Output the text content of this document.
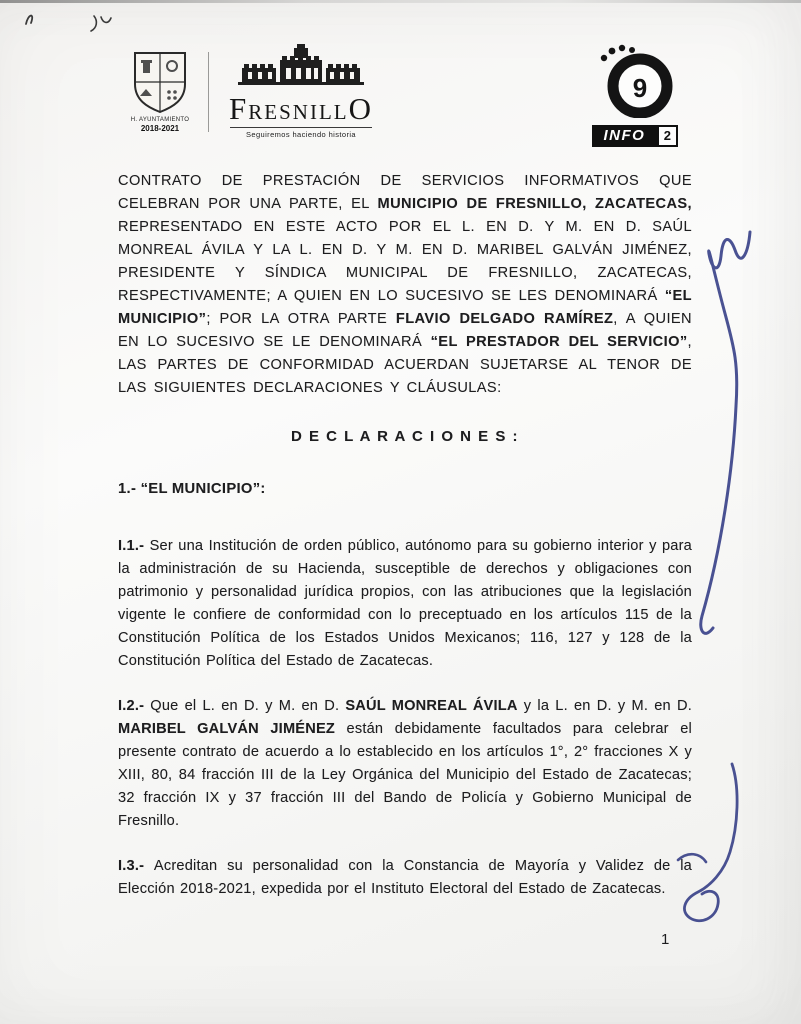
H. AYUNTAMIENTO
2018-2021
FRESNILLO
Seguiremos haciendo historia
9
INFO	2

CONTRATO DE PRESTACIÓN DE SERVICIOS INFORMATIVOS QUE CELEBRAN POR UNA PARTE, EL MUNICIPIO DE FRESNILLO, ZACATECAS, REPRESENTADO EN ESTE ACTO POR EL L. EN D. Y M. EN D. SAÚL MONREAL ÁVILA Y LA L. EN D. Y M. EN D. MARIBEL GALVÁN JIMÉNEZ, PRESIDENTE Y SÍNDICA MUNICIPAL DE FRESNILLO, ZACATECAS, RESPECTIVAMENTE; A QUIEN EN LO SUCESIVO SE LES DENOMINARÁ “EL MUNICIPIO”; POR LA OTRA PARTE FLAVIO DELGADO RAMÍREZ, A QUIEN EN LO SUCESIVO SE LE DENOMINARÁ “EL PRESTADOR DEL SERVICIO”, LAS PARTES DE CONFORMIDAD ACUERDAN SUJETARSE AL TENOR DE LAS SIGUIENTES DECLARACIONES Y CLÁUSULAS:

D E C L A R A C I O N E S :
1.- “EL MUNICIPIO”:

I.1.- Ser una Institución de orden público, autónomo para su gobierno interior y para la administración de su Hacienda, susceptible de derechos y obligaciones con patrimonio y personalidad jurídica propios, con las atribuciones que la legislación vigente le confiere de conformidad con lo preceptuado en los artículos 115 de la Constitución Política de los Estados Unidos Mexicanos; 116, 127 y 128 de la Constitución Política del Estado de Zacatecas.

I.2.- Que el L. en D. y M. en D. SAÚL MONREAL ÁVILA y la L. en D. y M. en D. MARIBEL GALVÁN JIMÉNEZ están debidamente facultados para celebrar el presente contrato de acuerdo a lo establecido en los artículos 1°, 2° fracciones X y XIII, 80, 84 fracción III de la Ley Orgánica del Municipio del Estado de Zacatecas; 32 fracción IX y 37 fracción III del Bando de Policía y Gobierno Municipal de Fresnillo.

I.3.- Acreditan su personalidad con la Constancia de Mayoría y Validez de la Elección 2018-2021, expedida por el Instituto Electoral del Estado de Zacatecas.

1
